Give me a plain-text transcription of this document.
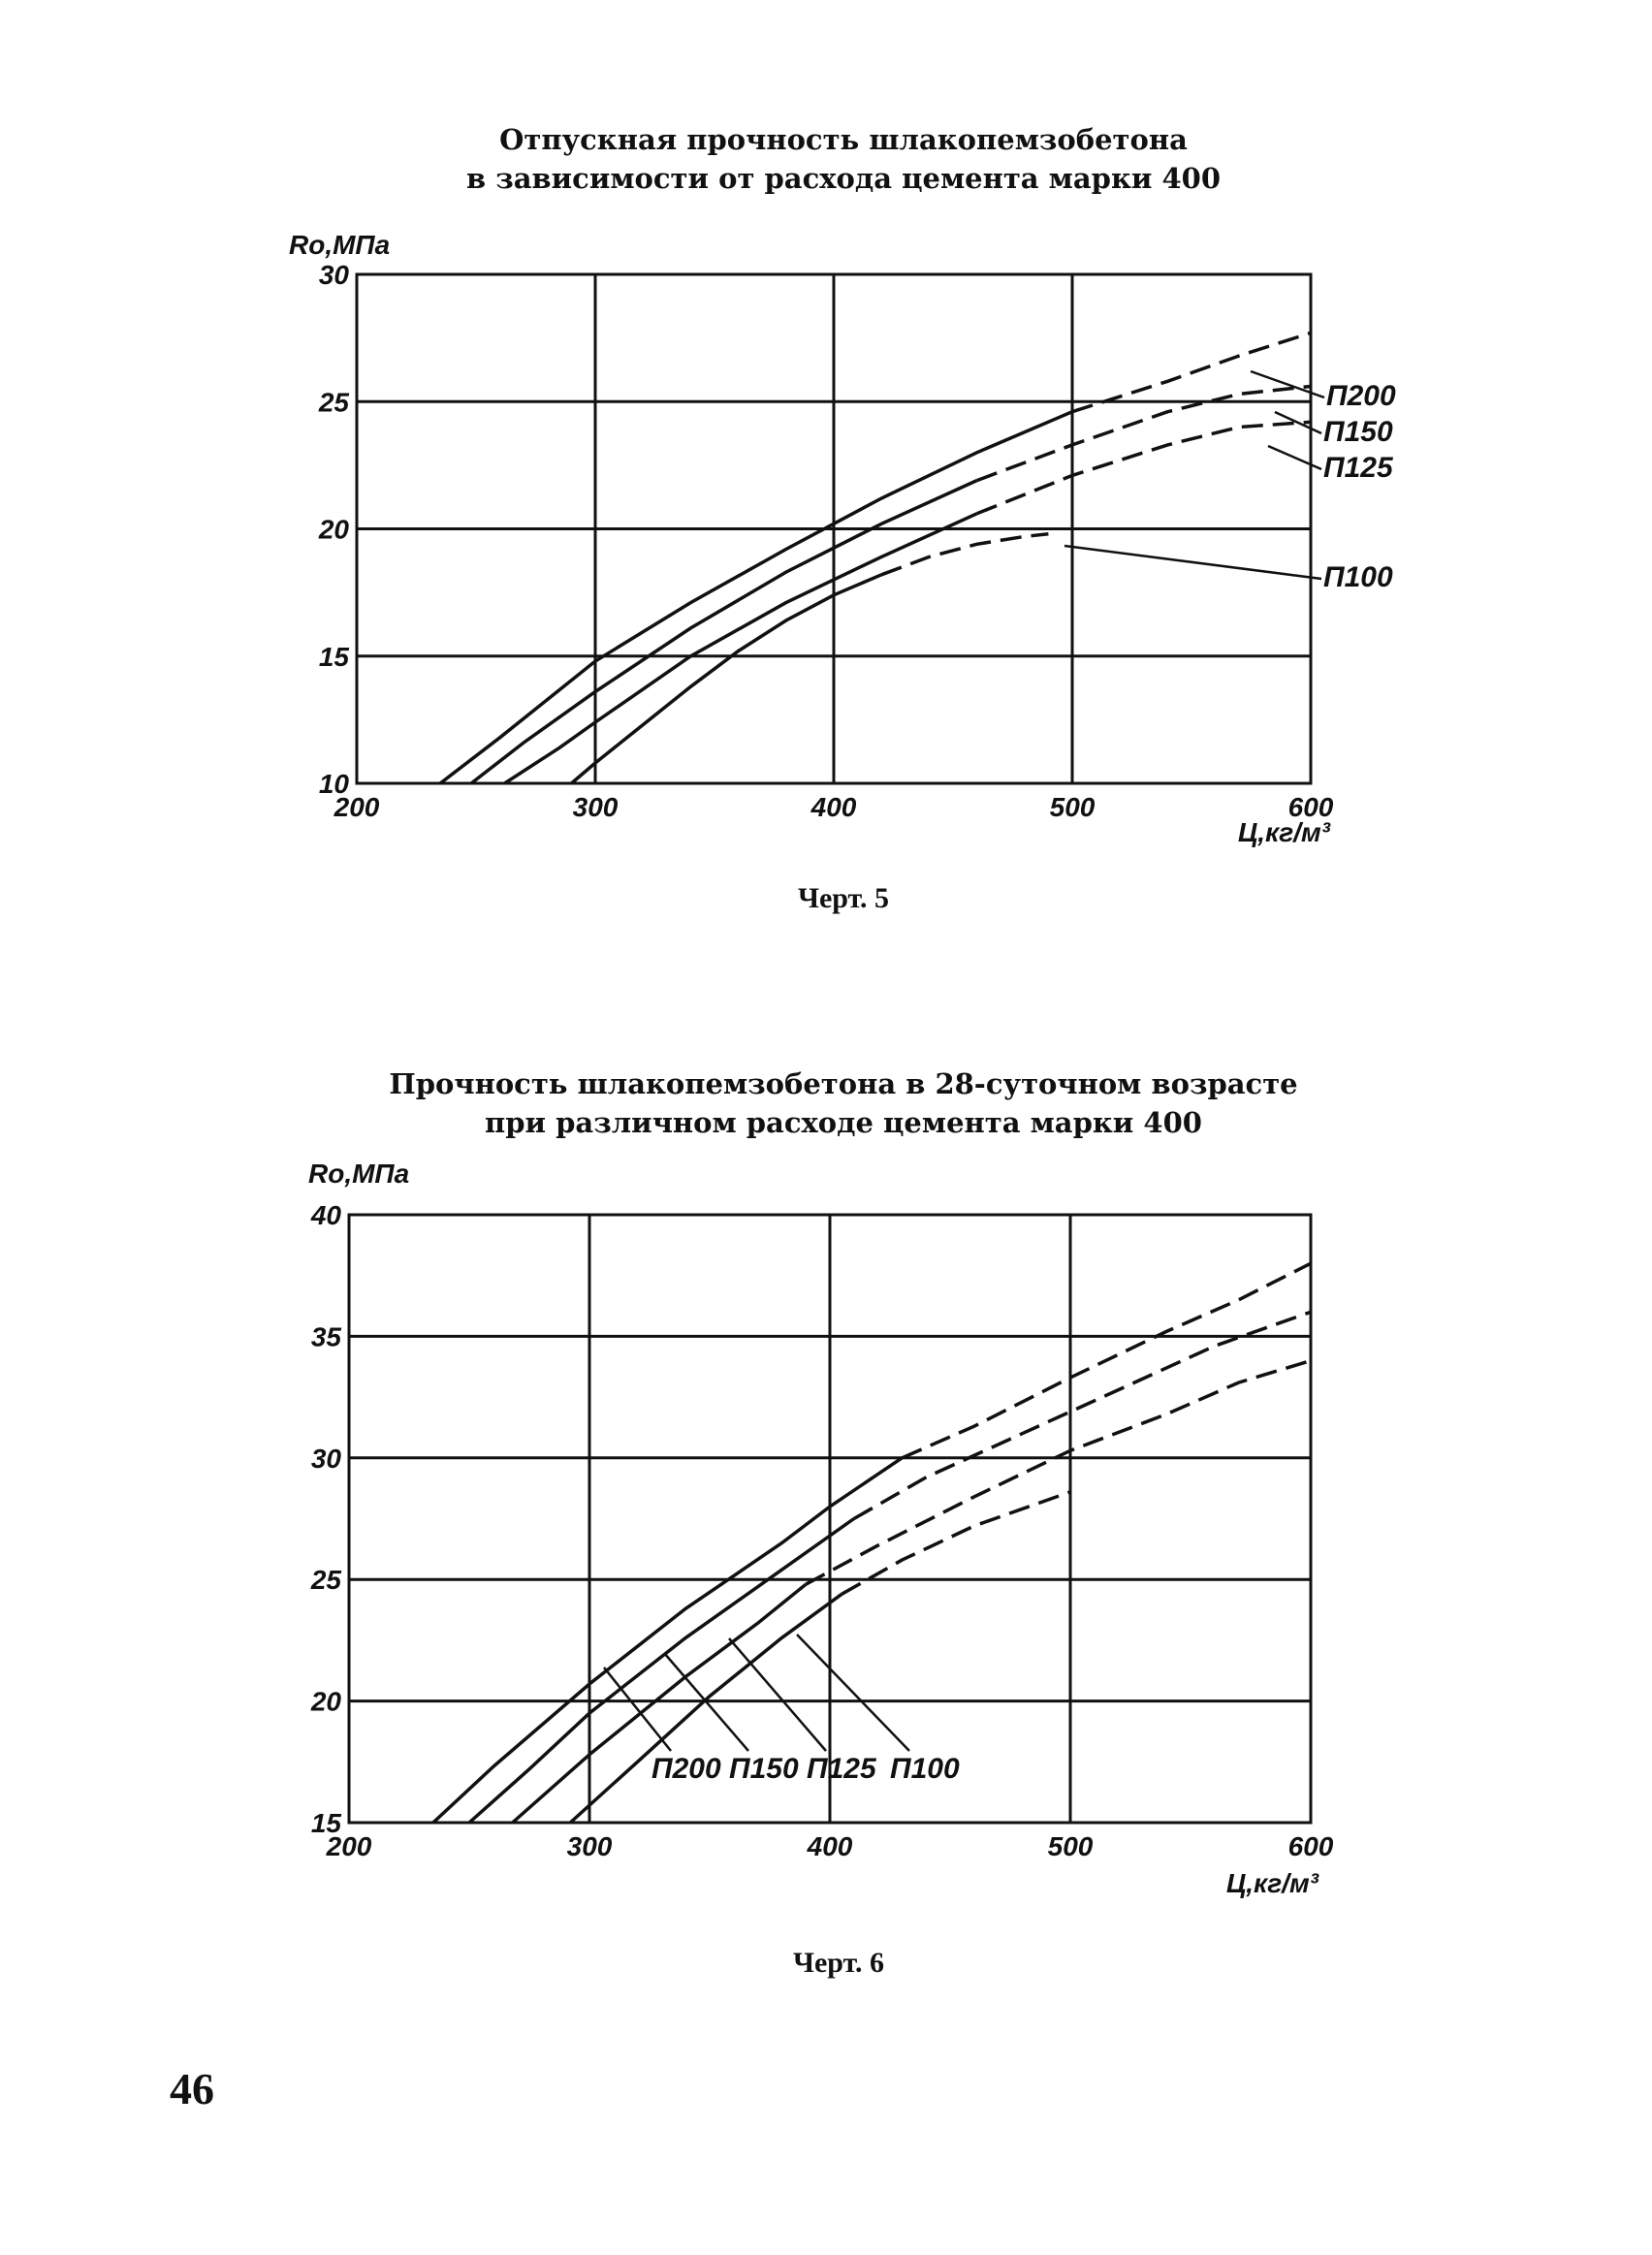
Отпускная прочность шлакопемзобетона
в зависимости от расхода цемента марки 400
200	300	400	500	600
10
15
20
25
30
Ro,МПа
Ц,кг/м³
П200
П150
П125
П100
Черт. 5
Прочность шлакопемзобетона в 28-суточном возрасте
при различном расходе цемента марки 400
200	300	400	500	600
15
20
25
30
35
40
Ro,МПа
Ц,кг/м³
П200 П150 П125 П100
Черт. 6
46
